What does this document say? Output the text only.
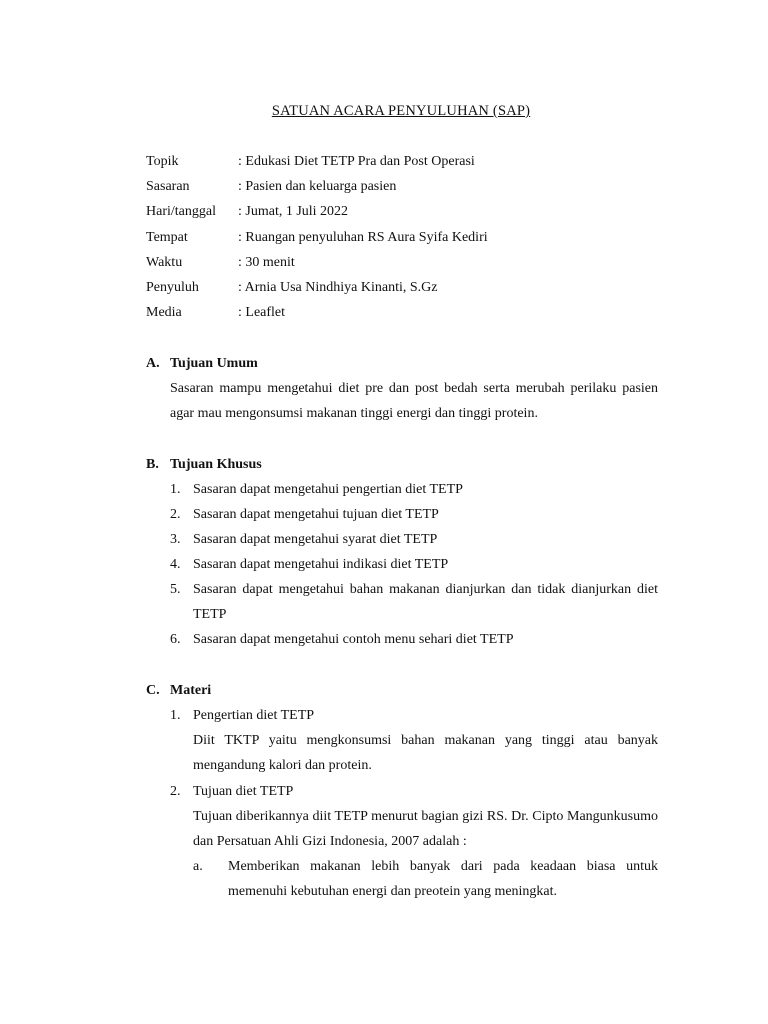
SATUAN ACARA PENYULUHAN (SAP)
Topik	: Edukasi Diet TETP Pra dan Post Operasi
Sasaran	: Pasien dan keluarga pasien
Hari/tanggal	: Jumat, 1 Juli 2022
Tempat	: Ruangan penyuluhan RS Aura Syifa Kediri
Waktu	: 30 menit
Penyuluh	: Arnia Usa Nindhiya Kinanti, S.Gz
Media	: Leaflet
A. Tujuan Umum
Sasaran mampu mengetahui diet pre dan post bedah serta merubah perilaku pasien agar mau mengonsumsi makanan tinggi energi dan tinggi protein.
B. Tujuan Khusus
1. Sasaran dapat mengetahui pengertian diet TETP
2. Sasaran dapat mengetahui tujuan diet TETP
3. Sasaran dapat mengetahui syarat diet TETP
4. Sasaran dapat mengetahui indikasi diet TETP
5. Sasaran dapat mengetahui bahan makanan dianjurkan dan tidak dianjurkan diet TETP
6. Sasaran dapat mengetahui contoh menu sehari diet TETP
C. Materi
1. Pengertian diet TETP
Diit TKTP yaitu mengkonsumsi bahan makanan yang tinggi atau banyak mengandung kalori dan protein.
2. Tujuan diet TETP
Tujuan diberikannya diit TETP menurut bagian gizi RS. Dr. Cipto Mangunkusumo dan Persatuan Ahli Gizi Indonesia, 2007 adalah :
a. Memberikan makanan lebih banyak dari pada keadaan biasa untuk memenuhi kebutuhan energi dan preotein yang meningkat.
